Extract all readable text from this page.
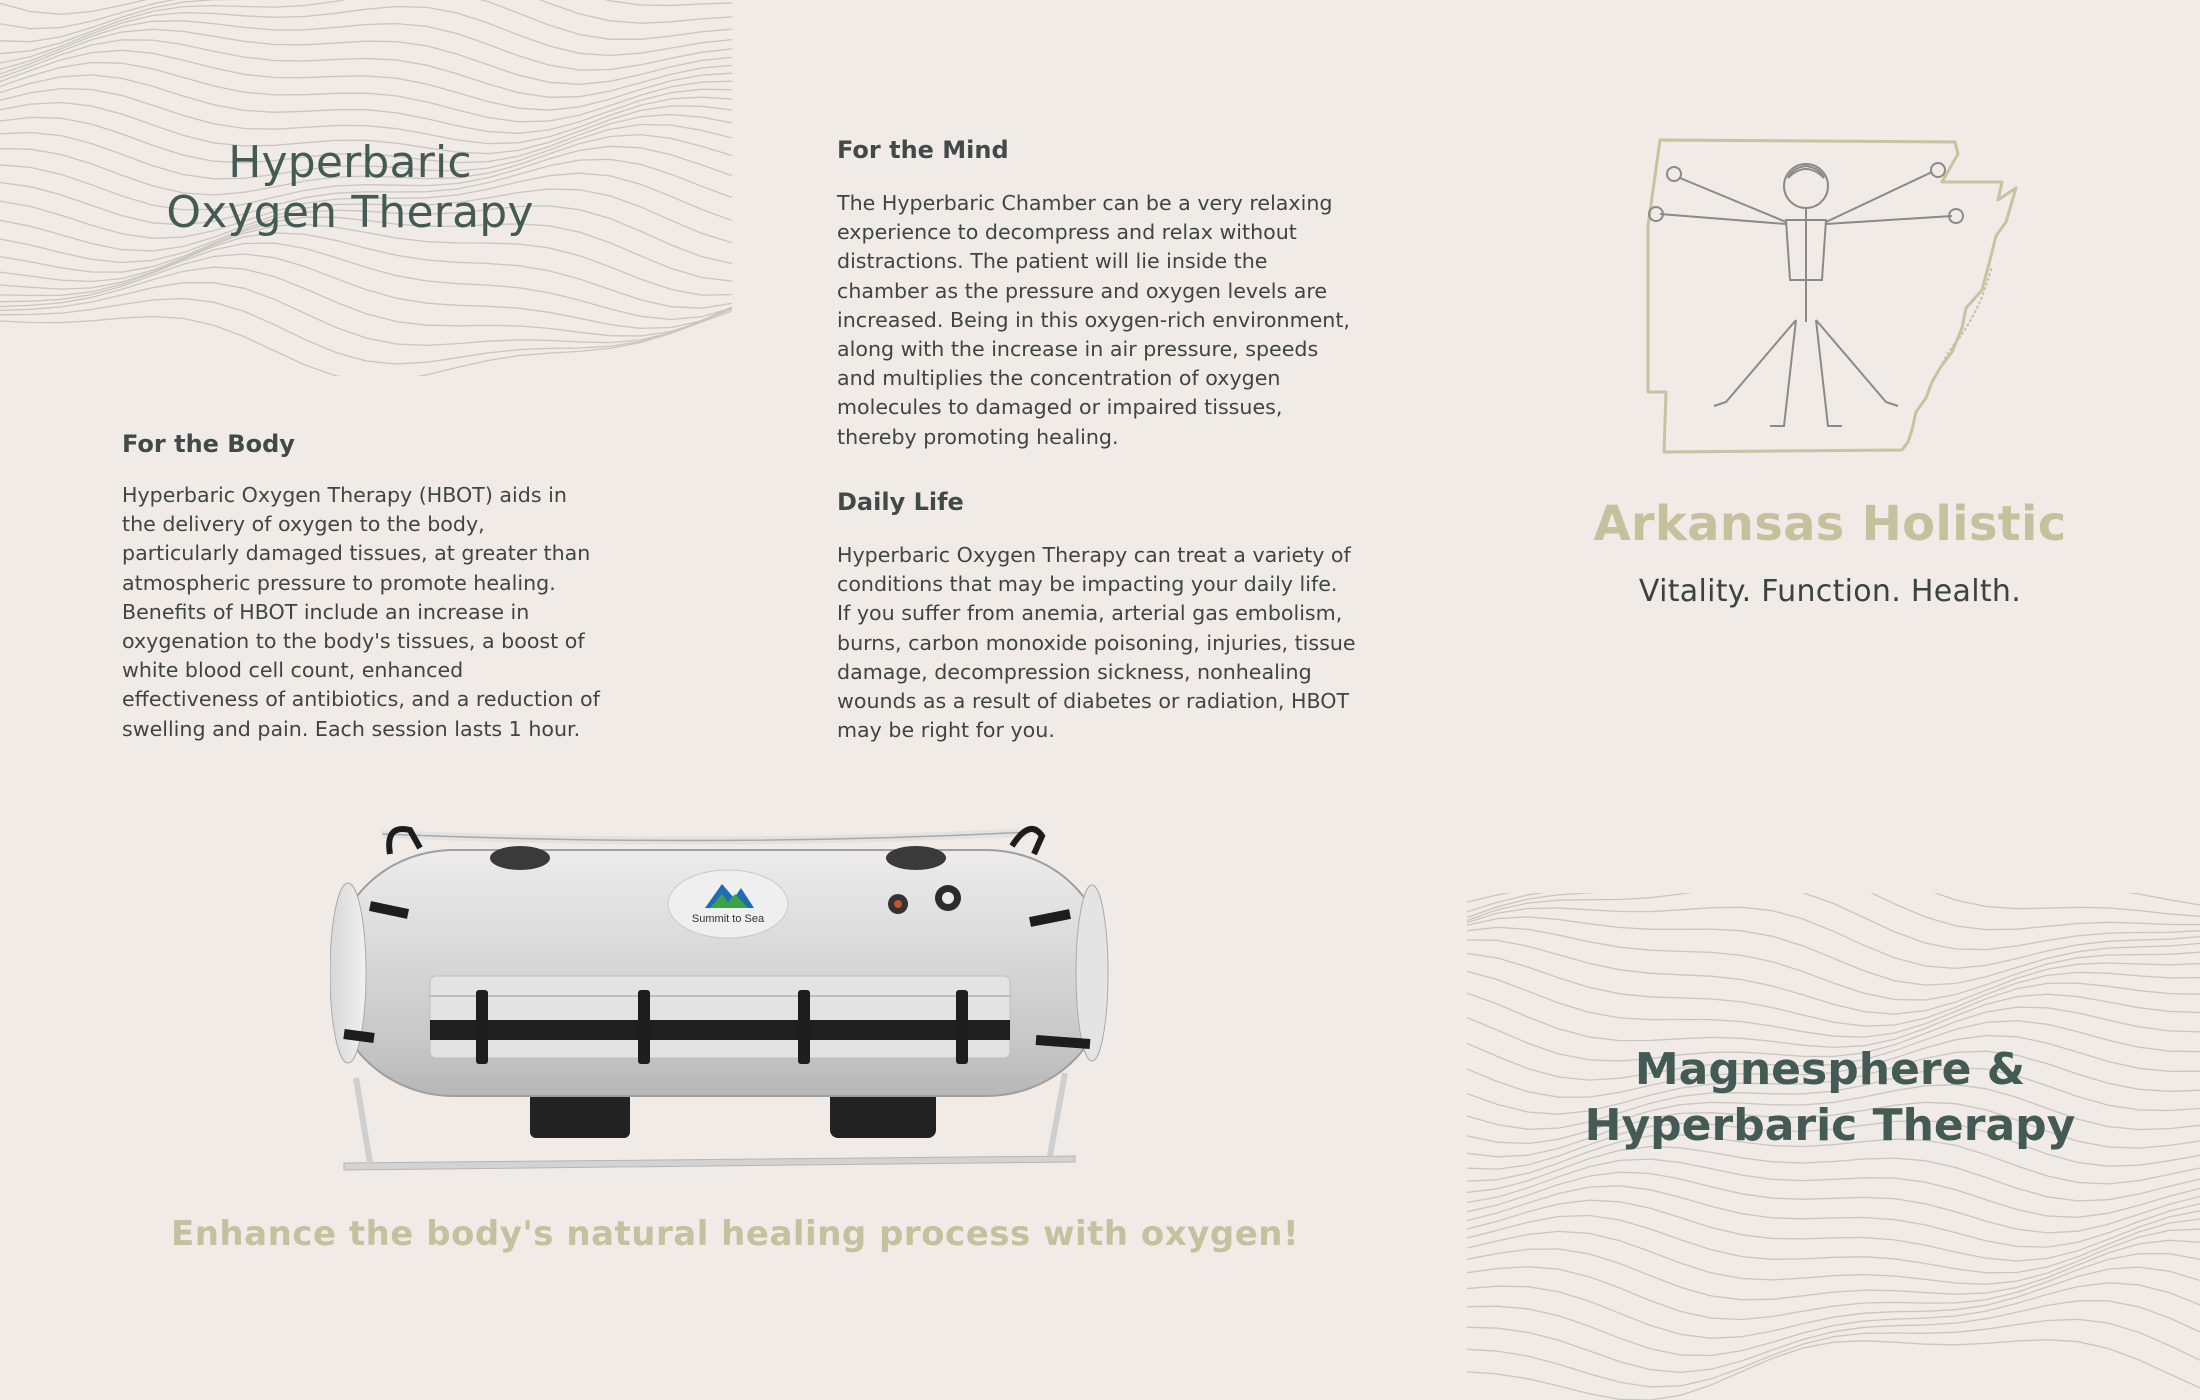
Hyperbaric
Oxygen Therapy
For the Body

Hyperbaric Oxygen Therapy (HBOT) aids in the delivery of oxygen to the body, particularly damaged tissues, at greater than atmospheric pressure to promote healing. Benefits of HBOT include an increase in oxygenation to the body's tissues, a boost of white blood cell count, enhanced effectiveness of antibiotics, and a reduction of swelling and pain. Each session lasts 1 hour.

For the Mind

The Hyperbaric Chamber can be a very relaxing experience to decompress and relax without distractions. The patient will lie inside the chamber as the pressure and oxygen levels are increased. Being in this oxygen-rich environment, along with the increase in air pressure, speeds and multiplies the concentration of oxygen molecules to damaged or impaired tissues, thereby promoting healing.

Daily Life

Hyperbaric Oxygen Therapy can treat a variety of conditions that may be impacting your daily life. If you suffer from anemia, arterial gas embolism, burns, carbon monoxide poisoning, injuries, tissue damage, decompression sickness, nonhealing wounds as a result of diabetes or radiation, HBOT may be right for you.

Summit to Sea
Enhance the body's natural healing process with oxygen!
Arkansas Holistic
Vitality. Function. Health.
Magnesphere &
Hyperbaric Therapy
